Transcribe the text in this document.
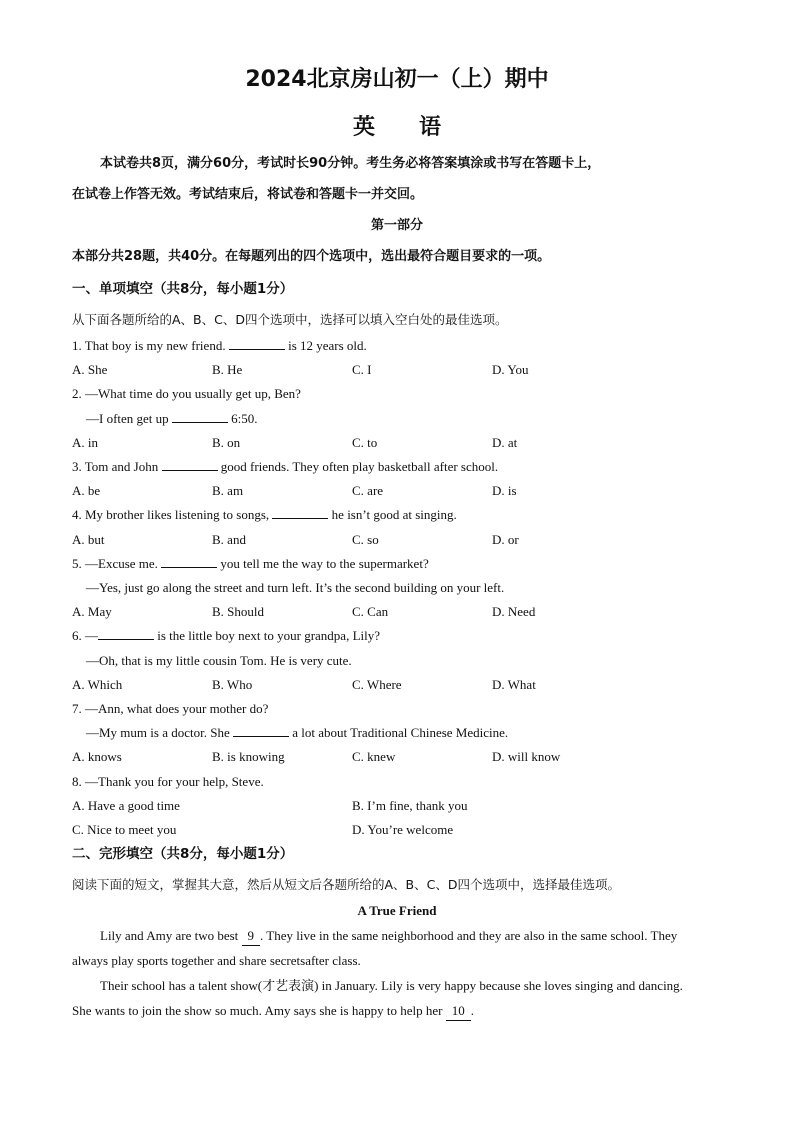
2024北京房山初一（上）期中
英语
本试卷共8页，满分60分，考试时长90分钟。考生务必将答案填涂或书写在答题卡上，
在试卷上作答无效。考试结束后，将试卷和答题卡一并交回。
第一部分
本部分共28题，共40分。在每题列出的四个选项中，选出最符合题目要求的一项。
一、单项填空（共8分，每小题1分）
从下面各题所给的A、B、C、D四个选项中，选择可以填入空白处的最佳选项。
1. That boy is my new friend.	is 12 years old.
A. She	B. He	C. I	D. You
2. —What time do you usually get up, Ben?
—I often get up	6:50.
A. in	B. on	C. to	D. at
3. Tom and John	good friends. They often play basketball after school.
A. be	B. am	C. are	D. is
4. My brother likes listening to songs,	he isn’t good at singing.
A. but	B. and	C. so	D. or
5. —Excuse me.	you tell me the way to the supermarket?
—Yes, just go along the street and turn left. It’s the second building on your left.
A. May	B. Should	C. Can	D. Need
6. —	is the little boy next to your grandpa, Lily?
—Oh, that is my little cousin Tom. He is very cute.
A. Which	B. Who	C. Where	D. What
7. —Ann, what does your mother do?
—My mum is a doctor. She	a lot about Traditional Chinese Medicine.
A. knows	B. is knowing	C. knew	D. will know
8. —Thank you for your help, Steve.
A. Have a good time	B. I’m fine, thank you
C. Nice to meet you	D. You’re welcome
二、完形填空（共8分，每小题1分）
阅读下面的短文，掌握其大意，然后从短文后各题所给的A、B、C、D四个选项中，选择最佳选项。
A True Friend
Lily and Amy are two best 9 . They live in the same neighborhood and they are also in the same school. They
always play sports together and share secretsafter class.
Their school has a talent show(才艺表演) in January. Lily is very happy because she loves singing and dancing.
She wants to join the show so much. Amy says she is happy to help her 10 .
